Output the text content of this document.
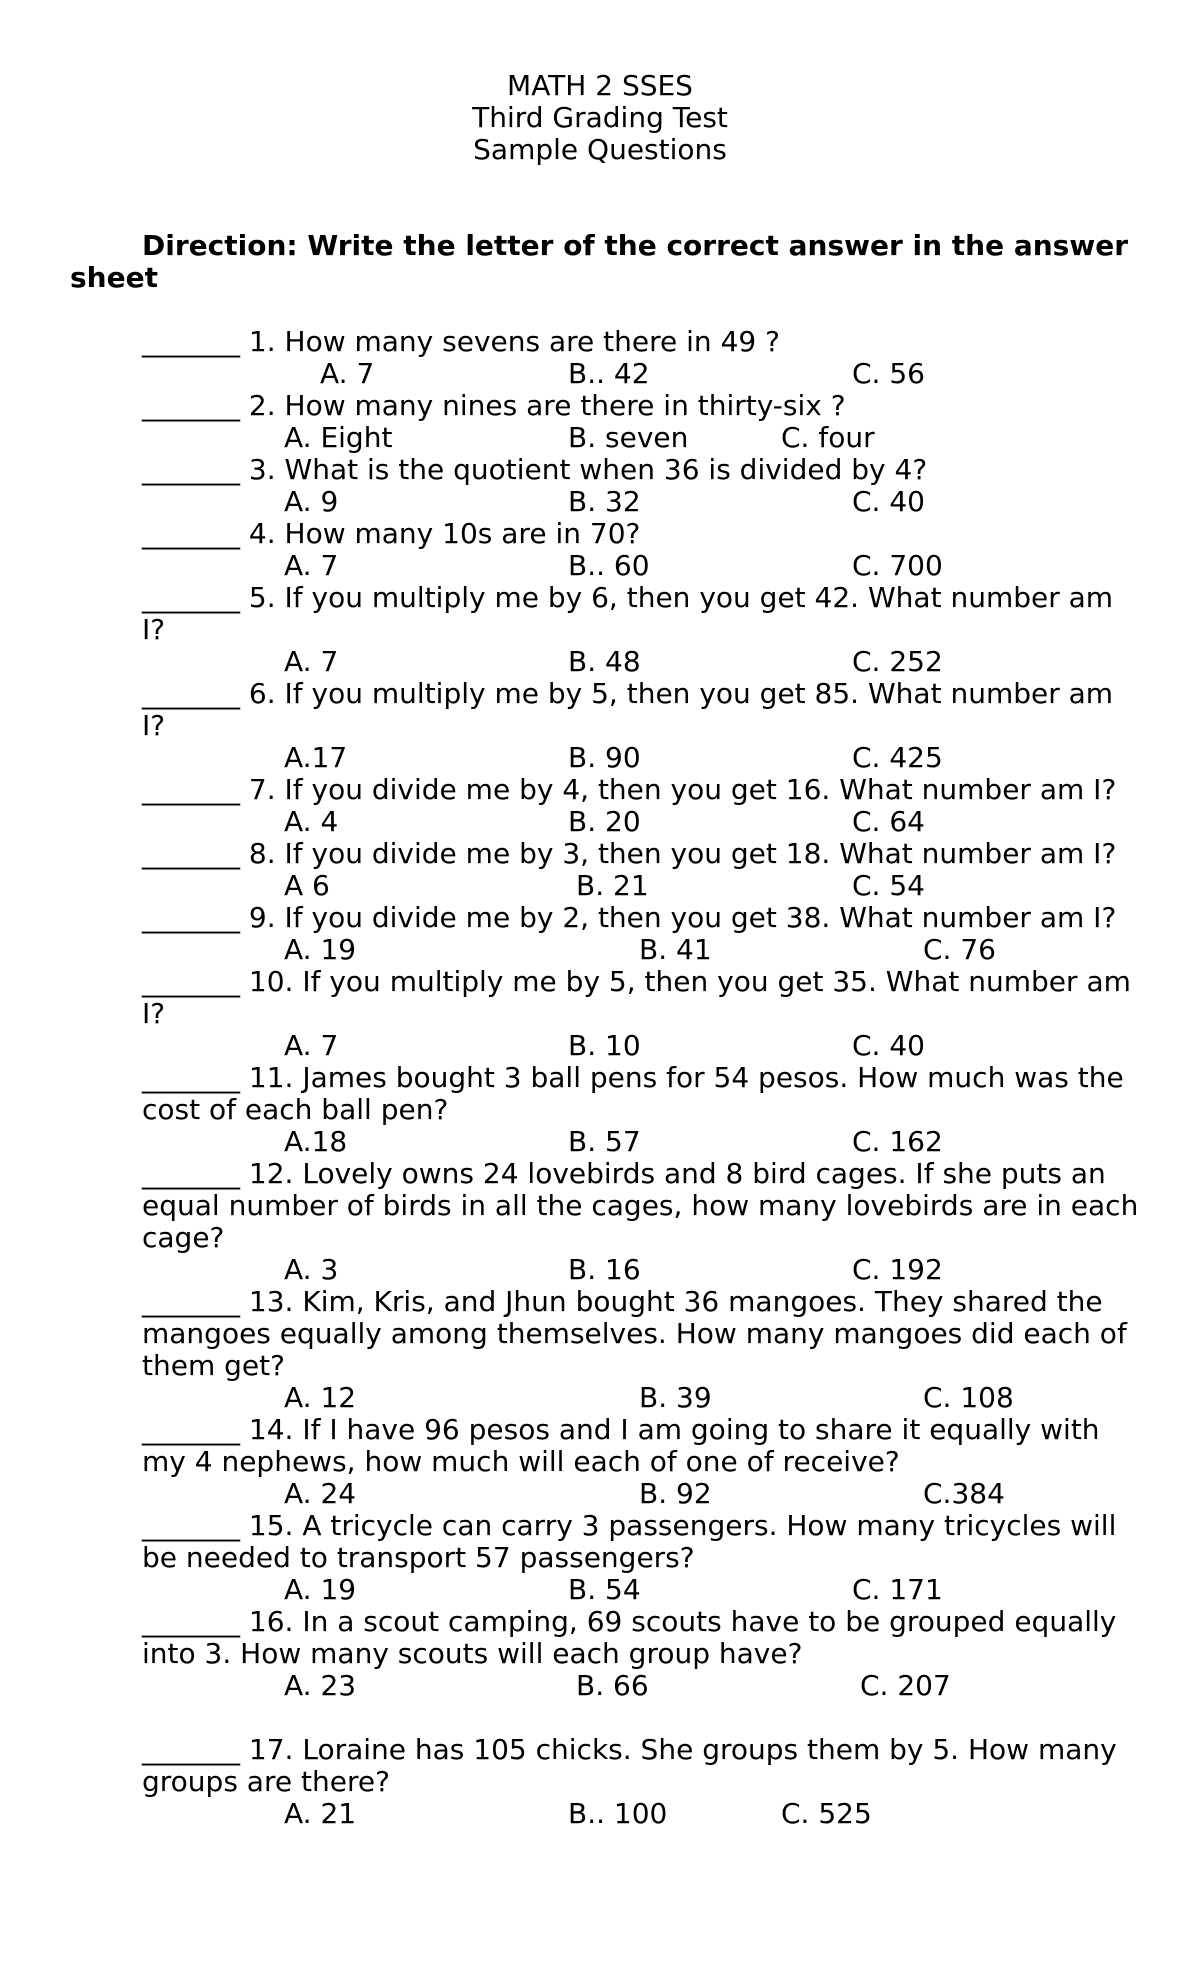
MATH 2 SSES
Third Grading Test
Sample Questions
Direction: Write the letter of the correct answer in the answer sheet
_______ 1. How many sevens are there in 49 ?
A. 7	B.. 42	C. 56
_______ 2. How many nines are there in thirty-six ?
A. Eight	B. seven	C. four
_______ 3. What is the quotient when 36 is divided by 4?
A. 9	B. 32	C. 40
_______ 4. How many 10s are in 70?
A. 7	B.. 60	C. 700
_______ 5. If you multiply me by 6, then you get 42. What number am I?
A. 7	B. 48	C. 252
_______ 6. If you multiply me by 5, then you get 85. What number am I?
A.17	B. 90	C. 425
_______ 7. If you divide me by 4, then you get 16. What number am I?
A. 4	B. 20	C. 64
_______ 8. If you divide me by 3, then you get 18. What number am I?
A 6	B. 21	C. 54
_______ 9. If you divide me by 2, then you get 38. What number am I?
A. 19	B. 41	C. 76
_______ 10. If you multiply me by 5, then you get 35. What number am I?
A. 7	B. 10	C. 40
_______ 11. James bought 3 ball pens for 54 pesos. How much was the cost of each ball pen?
A.18	B. 57	C. 162
_______ 12. Lovely owns 24 lovebirds and 8 bird cages. If she puts an equal number of birds in all the cages, how many lovebirds are in each cage?
A. 3	B. 16	C. 192
_______ 13. Kim, Kris, and Jhun bought 36 mangoes. They shared the mangoes equally among themselves. How many mangoes did each of them get?
A. 12	B. 39	C. 108
_______ 14. If I have 96 pesos and I am going to share it equally with my 4 nephews, how much will each of one of receive?
A. 24	B. 92	C.384
_______ 15. A tricycle can carry 3 passengers. How many tricycles will be needed to transport 57 passengers?
A. 19	B. 54	C. 171
_______ 16. In a scout camping, 69 scouts have to be grouped equally into 3. How many scouts will each group have?
A. 23	B. 66	C. 207
_______ 17. Loraine has 105 chicks. She groups them by 5. How many groups are there?
A. 21	B.. 100	C. 525
